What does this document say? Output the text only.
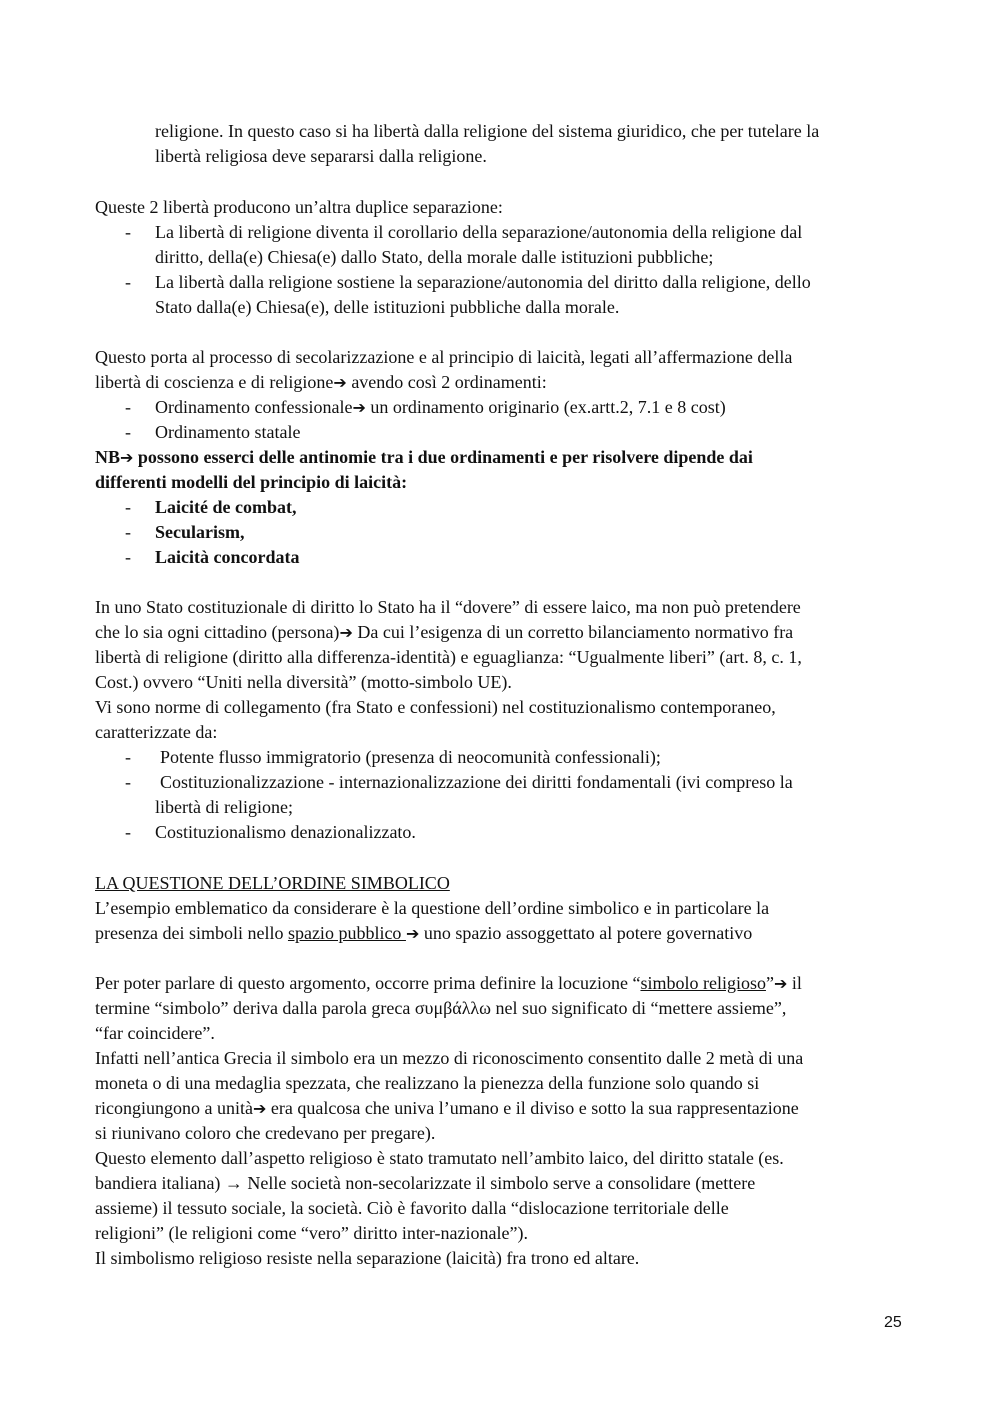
religione. In questo caso si ha libertà dalla religione del sistema giuridico, che per tutelare la
libertà religiosa deve separarsi dalla religione.
Queste 2 libertà producono un’altra duplice separazione:
- La libertà di religione diventa il corollario della separazione/autonomia della religione dal
diritto, della(e) Chiesa(e) dallo Stato, della morale dalle istituzioni pubbliche;
- La libertà dalla religione sostiene la separazione/autonomia del diritto dalla religione, dello
Stato dalla(e) Chiesa(e), delle istituzioni pubbliche dalla morale.
Questo porta al processo di secolarizzazione e al principio di laicità, legati all’affermazione della
libertà di coscienza e di religione➔ avendo così 2 ordinamenti:
- Ordinamento confessionale➔ un ordinamento originario (ex.artt.2, 7.1 e 8 cost)
- Ordinamento statale
NB➔ possono esserci delle antinomie tra i due ordinamenti e per risolvere dipende dai
differenti modelli del principio di laicità:
- Laicité de combat,
- Secularism,
- Laicità concordata
In uno Stato costituzionale di diritto lo Stato ha il “dovere” di essere laico, ma non può pretendere
che lo sia ogni cittadino (persona)➔ Da cui l’esigenza di un corretto bilanciamento normativo fra
libertà di religione (diritto alla differenza-identità) e eguaglianza: “Ugualmente liberi” (art. 8, c. 1,
Cost.) ovvero “Uniti nella diversità” (motto-simbolo UE).
Vi sono norme di collegamento (fra Stato e confessioni) nel costituzionalismo contemporaneo,
caratterizzate da:
- Potente flusso immigratorio (presenza di neocomunità confessionali);
- Costituzionalizzazione - internazionalizzazione dei diritti fondamentali (ivi compreso la
libertà di religione;
- Costituzionalismo denazionalizzato.
LA QUESTIONE DELL’ORDINE SIMBOLICO
L’esempio emblematico da considerare è la questione dell’ordine simbolico e in particolare la
presenza dei simboli nello spazio pubblico ➔ uno spazio assoggettato al potere governativo
Per poter parlare di questo argomento, occorre prima definire la locuzione “simbolo religioso”➔ il
termine “simbolo” deriva dalla parola greca συμβάλλω nel suo significato di “mettere assieme”,
“far coincidere”.
Infatti nell’antica Grecia il simbolo era un mezzo di riconoscimento consentito dalle 2 metà di una
moneta o di una medaglia spezzata, che realizzano la pienezza della funzione solo quando si
ricongiungono a unità➔ era qualcosa che univa l’umano e il diviso e sotto la sua rappresentazione
si riunivano coloro che credevano per pregare).
Questo elemento dall’aspetto religioso è stato tramutato nell’ambito laico, del diritto statale (es.
bandiera italiana) → Nelle società non-secolarizzate il simbolo serve a consolidare (mettere
assieme) il tessuto sociale, la società. Ciò è favorito dalla “dislocazione territoriale delle
religioni” (le religioni come “vero” diritto inter-nazionale”).
Il simbolismo religioso resiste nella separazione (laicità) fra trono ed altare.
25
